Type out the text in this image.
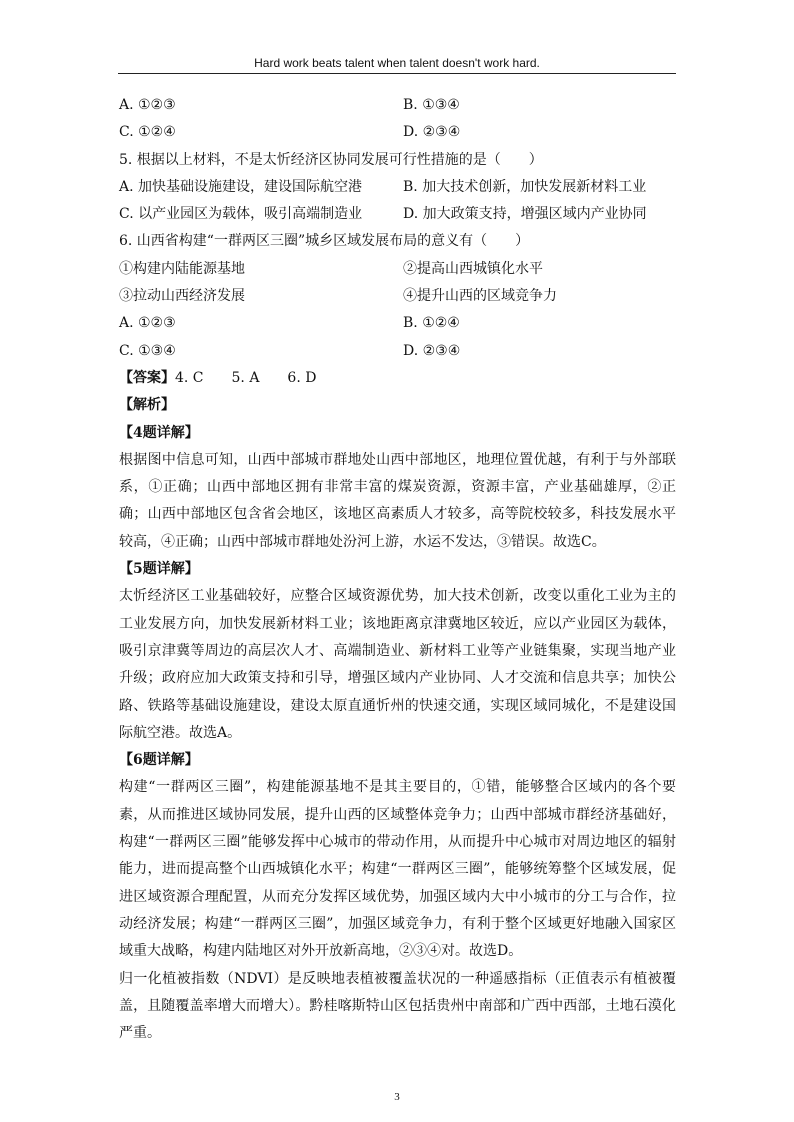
Hard work beats talent when talent doesn't work hard.
A. ①②③	B. ①③④
C. ①②④	D. ②③④
5. 根据以上材料，不是太忻经济区协同发展可行性措施的是（　　）
A. 加快基础设施建设，建设国际航空港	B. 加大技术创新，加快发展新材料工业
C. 以产业园区为载体，吸引高端制造业	D. 加大政策支持，增强区域内产业协同
6. 山西省构建“一群两区三圈”城乡区域发展布局的意义有（　　）
①构建内陆能源基地	②提高山西城镇化水平
③拉动山西经济发展	④提升山西的区域竞争力
A. ①②③	B. ①②④
C. ①③④	D. ②③④
【答案】4. C　　5. A　　6. D
【解析】
【4题详解】
根据图中信息可知，山西中部城市群地处山西中部地区，地理位置优越，有利于与外部联系，①正确；山西中部地区拥有非常丰富的煤炭资源，资源丰富，产业基础雄厚，②正确；山西中部地区包含省会地区，该地区高素质人才较多，高等院校较多，科技发展水平较高，④正确；山西中部城市群地处汾河上游，水运不发达，③错误。故选C。
【5题详解】
太忻经济区工业基础较好，应整合区域资源优势，加大技术创新，改变以重化工业为主的工业发展方向，加快发展新材料工业；该地距离京津冀地区较近，应以产业园区为载体，吸引京津冀等周边的高层次人才、高端制造业、新材料工业等产业链集聚，实现当地产业升级；政府应加大政策支持和引导，增强区域内产业协同、人才交流和信息共享；加快公路、铁路等基础设施建设，建设太原直通忻州的快速交通，实现区域同城化，不是建设国际航空港。故选A。
【6题详解】
构建“一群两区三圈”，构建能源基地不是其主要目的，①错，能够整合区域内的各个要素，从而推进区域协同发展，提升山西的区域整体竞争力；山西中部城市群经济基础好，构建“一群两区三圈”能够发挥中心城市的带动作用，从而提升中心城市对周边地区的辐射能力，进而提高整个山西城镇化水平；构建“一群两区三圈”，能够统筹整个区域发展，促进区域资源合理配置，从而充分发挥区域优势，加强区域内大中小城市的分工与合作，拉动经济发展；构建“一群两区三圈”，加强区域竞争力，有利于整个区域更好地融入国家区域重大战略，构建内陆地区对外开放新高地，②③④对。故选D。
归一化植被指数（NDVI）是反映地表植被覆盖状况的一种遥感指标（正值表示有植被覆盖，且随覆盖率增大而增大）。黔桂喀斯特山区包括贵州中南部和广西中西部，土地石漠化严重。
3
